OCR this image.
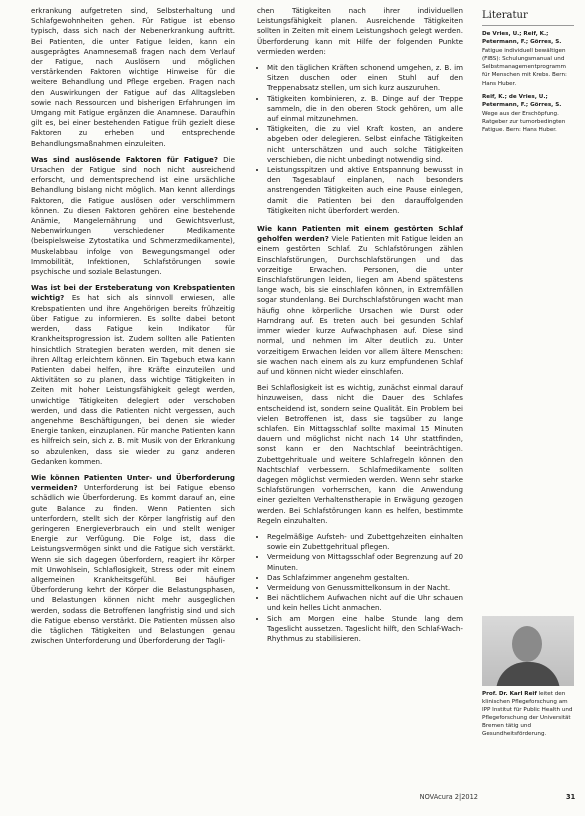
erkrankung aufgetreten sind, Selbsterhaltung und Schlafgewohnheiten gehen. Für Fatigue ist ebenso typisch, dass sich nach der Nebenerkrankung auftritt. Bei Patienten, die unter Fatigue leiden, kann ein ausgeprägtes Anamnesemaß fragen nach dem Verlauf der Fatigue, nach Auslösern und möglichen verstärkenden Faktoren wichtige Hinweise für die weitere Behandlung und Pflege ergeben. Fragen nach den Auswirkungen der Fatigue auf das Alltagsleben sowie nach Ressourcen und bisherigen Erfahrungen im Umgang mit Fatigue ergänzen die Anamnese. Daraufhin gilt es, bei einer bestehenden Fatigue früh gezielt diese Faktoren zu erheben und entsprechende Behandlungsmaßnahmen einzuleiten.

Was sind auslösende Faktoren für Fatigue? Die Ursachen der Fatigue sind noch nicht ausreichend erforscht, und dementsprechend ist eine ursächliche Behandlung bislang nicht möglich. Man kennt allerdings Faktoren, die Fatigue auslösen oder verschlimmern können. Zu diesen Faktoren gehören eine bestehende Anämie, Mangelernährung und Gewichtsverlust, Nebenwirkungen verschiedener Medikamente (beispielsweise Zytostatika und Schmerzmedikamente), Muskelabbau infolge von Bewegungsmangel oder Immobilität, Infektionen, Schlafstörungen sowie psychische und soziale Belastungen.

Was ist bei der Ersteberatung von Krebspatienten wichtig? Es hat sich als sinnvoll erwiesen, alle Krebspatienten und ihre Angehörigen bereits frühzeitig über Fatigue zu informieren. Es sollte dabei betont werden, dass Fatigue kein Indikator für Krankheitsprogression ist. Zudem sollten alle Patienten hinsichtlich Strategien beraten werden, mit denen sie ihren Alltag erleichtern können. Ein Tagebuch etwa kann Patienten dabei helfen, ihre Kräfte einzuteilen und Aktivitäten so zu planen, dass wichtige Tätigkeiten in Zeiten mit hoher Leistungsfähigkeit gelegt werden, unwichtige Tätigkeiten delegiert oder verschoben werden, und dass die Patienten nicht vergessen, auch angenehme Beschäftigungen, bei denen sie wieder Energie tanken, einzuplanen. Für manche Patienten kann es hilfreich sein, sich z. B. mit Musik von der Erkrankung so abzulenken, dass sie wieder zu ganz anderen Gedanken kommen.

Wie können Patienten Unter- und Überforderung vermeiden? Unterforderung ist bei Fatigue ebenso schädlich wie Überforderung. Es kommt darauf an, eine gute Balance zu finden. Wenn Patienten sich unterfordern, stellt sich der Körper langfristig auf den geringeren Energieverbrauch ein und stellt weniger Energie zur Verfügung. Die Folge ist, dass die Leistungsvermögen sinkt und die Fatigue sich verstärkt. Wenn sie sich dagegen überfordern, reagiert ihr Körper mit Unwohlsein, Schlaflosigkeit, Stress oder mit einem allgemeinen Krankheitsgefühl. Bei häufiger Überforderung kehrt der Körper die Belastungsphasen, und Belastungen können nicht mehr ausgeglichen werden, sodass die Betroffenen langfristig sind und sich die Fatigue ebenso verstärkt. Die Patienten müssen also die täglichen Tätigkeiten und Belastungen genau zwischen Unterforderung und Überforderung der Tagli-

chen Tätigkeiten nach ihrer individuellen Leistungsfähigkeit planen. Ausreichende Tätigkeiten sollten in Zeiten mit einem Leistungshoch gelegt werden. Überforderung kann mit Hilfe der folgenden Punkte vermieden werden:

• Mit den täglichen Kräften schonend umgehen, z. B. im Sitzen duschen oder einen Stuhl auf den Treppenabsatz stellen, um sich kurz auszuruhen.
• Tätigkeiten kombinieren, z. B. Dinge auf der Treppe sammeln, die in den oberen Stock gehören, um alle auf einmal mitzunehmen.
• Tätigkeiten, die zu viel Kraft kosten, an andere abgeben oder delegieren. Selbst einfache Tätigkeiten nicht unterschätzen und auch solche Tätigkeiten verschieben, die nicht unbedingt notwendig sind.
• Leistungsspitzen und aktive Entspannung bewusst in den Tagesablauf einplanen, nach besonders anstrengenden Tätigkeiten auch eine Pause einlegen, damit die Patienten bei den darauffolgenden Tätigkeiten nicht überfordert werden.

Wie kann Patienten mit einem gestörten Schlaf geholfen werden? Viele Patienten mit Fatigue leiden an einem gestörten Schlaf. Zu Schlafstörungen zählen Einschlafstörungen, Durchschlafstörungen und das vorzeitige Erwachen. Personen, die unter Einschlafstörungen leiden, liegen am Abend spätestens lange wach, bis sie einschlafen können, in Extremfällen sogar stundenlang. Bei Durchschlafstörungen wacht man häufig ohne körperliche Ursachen wie Durst oder Harndrang auf. Es treten auch bei gesunden Schlaf immer wieder kurze Aufwachphasen auf. Diese sind normal, und nehmen im Alter deutlich zu. Unter vorzeitigem Erwachen leiden vor allem ältere Menschen: sie wachen nach einem als zu kurz empfundenen Schlaf auf und können nicht wieder einschlafen.

Bei Schlaflosigkeit ist es wichtig, zunächst einmal darauf hinzuweisen, dass nicht die Dauer des Schlafes entscheidend ist, sondern seine Qualität. Ein Problem bei vielen Betroffenen ist, dass sie tagsüber zu lange schlafen. Ein Mittagsschlaf sollte maximal 15 Minuten dauern und möglichst nicht nach 14 Uhr stattfinden, sonst kann er den Nachtschlaf beeinträchtigen. Zubettgehrituale und weitere Schlafregeln können den Nachtschlaf verbessern. Schlafmedikamente sollten dagegen möglichst vermieden werden. Wenn sehr starke Schlafstörungen vorherrschen, kann die Anwendung einer gezielten Verhaltenstherapie in Erwägung gezogen werden. Bei Schlafstörungen kann es helfen, bestimmte Regeln einzuhalten.

• Regelmäßige Aufsteh- und Zubettgehzeiten einhalten sowie ein Zubettgehritual pflegen.
• Vermeidung von Mittagsschlaf oder Begrenzung auf 20 Minuten.
• Das Schlafzimmer angenehm gestalten.
• Vermeidung von Genussmittelkonsum in der Nacht.
• Bei nächtlichem Aufwachen nicht auf die Uhr schauen und kein helles Licht anmachen.
• Sich am Morgen eine halbe Stunde lang dem Tageslicht aussetzen. Tageslicht hilft, den Schlaf-Wach-Rhythmus zu stabilisieren.
Literatur

De Vries, U.; Reif, K.; Petermann, F.; Görres, S. Fatigue individuell bewältigen (FIBS): Schulungsmanual und Selbstmanagementprogramm für Menschen mit Krebs. Bern: Hans Huber.

Reif, K.; de Vries, U.; Petermann, F.; Görres, S. Wege aus der Erschöpfung. Ratgeber zur tumorbedingten Fatigue. Bern: Hans Huber.

Prof. Dr. Karl Reif leitet den klinischen Pflegeforschung am IPP Institut für Public Health und Pflegeforschung der Universität Bremen tätig und Gesundheitsförderung.
NOVAcura 2|2012	31
